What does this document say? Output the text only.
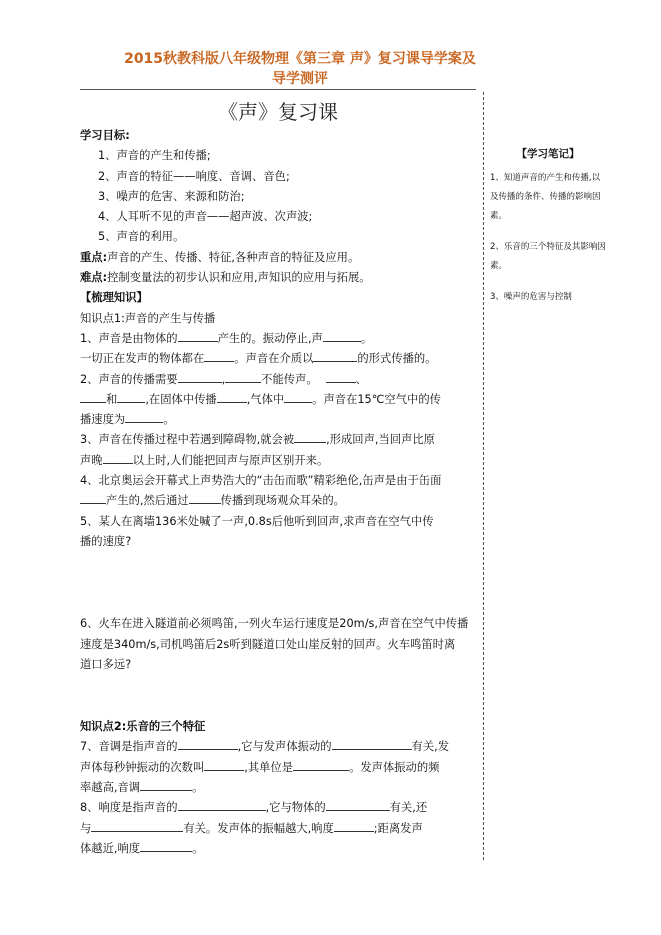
2015秋教科版八年级物理《第三章 声》复习课导学案及
导学测评
《声》复习课
学习目标:
1、声音的产生和传播;
2、声音的特征——响度、音调、音色;
3、噪声的危害、来源和防治;
4、人耳听不见的声音——超声波、次声波;
5、声音的利用。
重点:声音的产生、传播、特征,各种声音的特征及应用。
难点:控制变量法的初步认识和应用,声知识的应用与拓展。
【梳理知识】
知识点1:声音的产生与传播
1、声音是由物体的	产生的。振动停止,声	。
一切正在发声的物体都在	。声音在介质以	的形式传播的。
2、声音的传播需要	,	不能传声。	、
和 ,在固体中传播	,气体中 。声音在15℃空气中的传
播速度为	。
3、声音在传播过程中若遇到障碍物,就会被	,形成回声,当回声比原
声晚	以上时,人们能把回声与原声区别开来。
4、北京奥运会开幕式上声势浩大的“击缶而歌”精彩绝伦,缶声是由于缶面
产生的,然后通过	传播到现场观众耳朵的。
5、某人在离墙136米处喊了一声,0.8s后他听到回声,求声音在空气中传
播的速度?
6、火车在进入隧道前必须鸣笛,一列火车运行速度是20m/s,声音在空气中传播
速度是340m/s,司机鸣笛后2s听到隧道口处山崖反射的回声。火车鸣笛时离
道口多远?
知识点2:乐音的三个特征
7、音调是指声音的	,它与发声体振动的	有关,发
声体每秒钟振动的次数叫	,其单位是	。发声体振动的频
率越高,音调	。
8、响度是指声音的	,它与物体的	有关,还
与	有关。发声体的振幅越大,响度	;距离发声
体越近,响度	。
【学习笔记】
1、知道声音的产生和传播,以及传播的条件、传播的影响因素。
2、乐音的三个特征及其影响因素。
3、噪声的危害与控制
